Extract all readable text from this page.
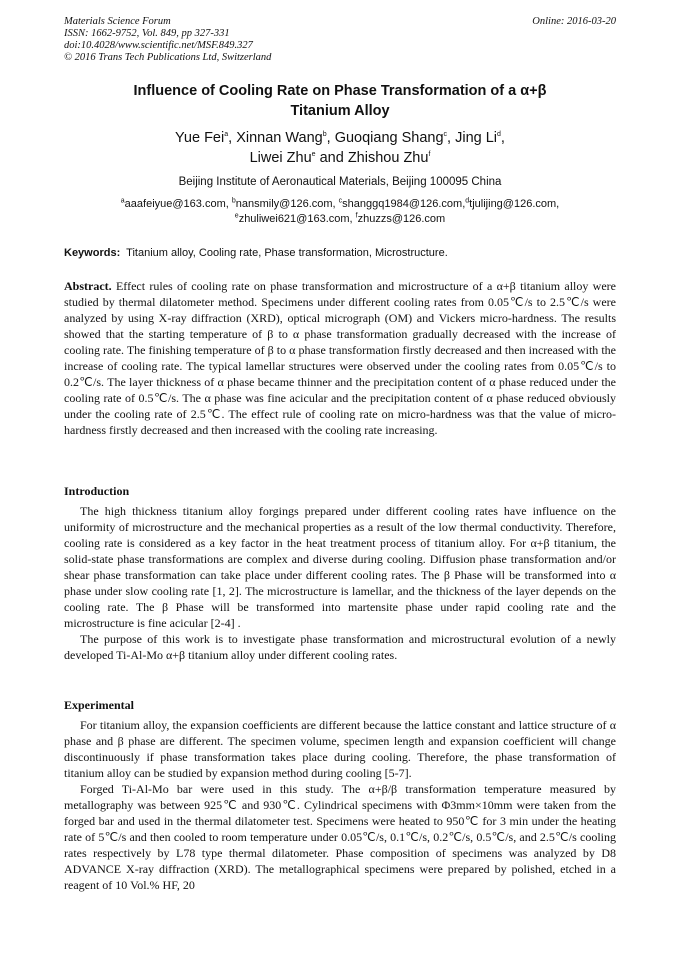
Materials Science Forum
ISSN: 1662-9752, Vol. 849, pp 327-331
doi:10.4028/www.scientific.net/MSF.849.327
© 2016 Trans Tech Publications Ltd, Switzerland
Online: 2016-03-20
Influence of Cooling Rate on Phase Transformation of a α+β
Titanium Alloy
Yue Fei$^a$, Xinnan Wang$^b$, Guoqiang Shang$^c$, Jing Li$^d$,
Liwei Zhu$^e$ and Zhishou Zhu$^f$
Beijing Institute of Aeronautical Materials, Beijing 100095 China
$^a$aaafeiyue@163.com, $^b$nansmily@126.com, $^c$shanggq1984@126.com,$^d$tjulijing@126.com,
$^e$zhuliwei621@163.com, $^f$zhuzzs@126.com
Keywords: Titanium alloy, Cooling rate, Phase transformation, Microstructure.
Abstract. Effect rules of cooling rate on phase transformation and microstructure of a α+β titanium alloy were studied by thermal dilatometer method. Specimens under different cooling rates from 0.05℃/s to 2.5℃/s were analyzed by using X-ray diffraction (XRD), optical micrograph (OM) and Vickers micro-hardness. The results showed that the starting temperature of β to α phase transformation gradually decreased with the increase of cooling rate. The finishing temperature of β to α phase transformation firstly decreased and then increased with the increase of cooling rate. The typical lamellar structures were observed under the cooling rates from 0.05℃/s to 0.2℃/s. The layer thickness of α phase became thinner and the precipitation content of α phase reduced under the cooling rate of 0.5℃/s. The α phase was fine acicular and the precipitation content of α phase reduced obviously under the cooling rate of 2.5℃. The effect rule of cooling rate on micro-hardness was that the value of micro-hardness firstly decreased and then increased with the cooling rate increasing.
Introduction

The high thickness titanium alloy forgings prepared under different cooling rates have influence on the uniformity of microstructure and the mechanical properties as a result of the low thermal conductivity. Therefore, cooling rate is considered as a key factor in the heat treatment process of titanium alloy. For α+β titanium, the solid-state phase transformations are complex and diverse during cooling. Diffusion phase transformation and/or shear phase transformation can take place under different cooling rates. The β Phase will be transformed into α phase under slow cooling rate [1, 2]. The microstructure is lamellar, and the thickness of the layer depends on the cooling rate. The β Phase will be transformed into martensite phase under rapid cooling rate and the microstructure is fine acicular [2-4] .

The purpose of this work is to investigate phase transformation and microstructural evolution of a newly developed Ti-Al-Mo α+β titanium alloy under different cooling rates.

Experimental

For titanium alloy, the expansion coefficients are different because the lattice constant and lattice structure of α phase and β phase are different. The specimen volume, specimen length and expansion coefficient will change discontinuously if phase transformation takes place during cooling. Therefore, the phase transformation of titanium alloy can be studied by expansion method during cooling [5-7].

Forged Ti-Al-Mo bar were used in this study. The α+β/β transformation temperature measured by metallography was between 925℃ and 930℃. Cylindrical specimens with Φ3mm×10mm were taken from the forged bar and used in the thermal dilatometer test. Specimens were heated to 950℃ for 3 min under the heating rate of 5℃/s and then cooled to room temperature under 0.05℃/s, 0.1℃/s, 0.2℃/s, 0.5℃/s, and 2.5℃/s cooling rates respectively by L78 type thermal dilatometer. Phase composition of specimens was analyzed by D8 ADVANCE X-ray diffraction (XRD). The metallographical specimens were prepared by polished, etched in a reagent of 10 Vol.% HF, 20
